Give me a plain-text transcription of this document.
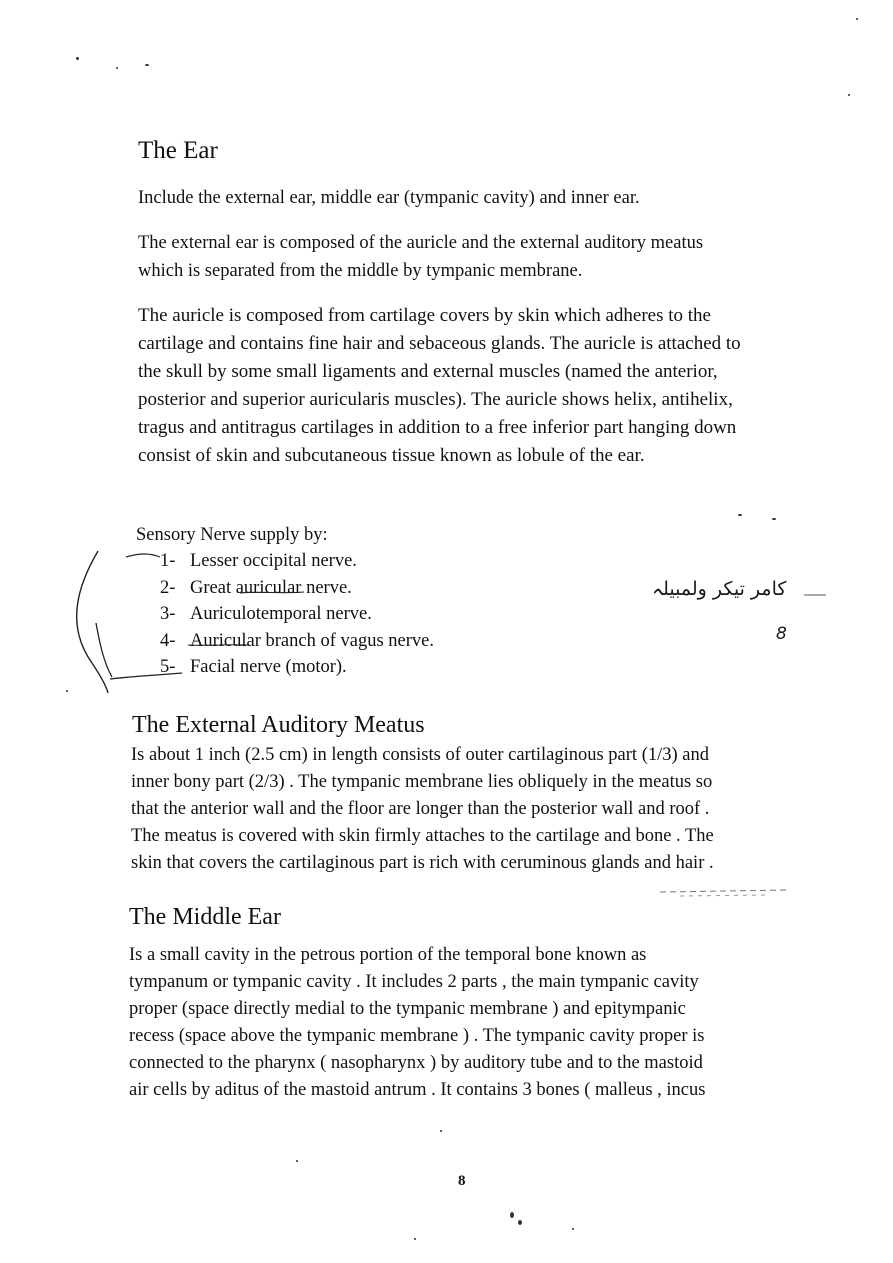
The Ear
Include the external ear, middle ear (tympanic cavity) and inner ear.
The external ear is composed of the auricle and the external auditory meatus
which is separated from the middle by tympanic membrane.
The auricle is composed from cartilage covers by skin which adheres to the
cartilage and contains fine hair and sebaceous glands. The auricle is attached to
the skull by some small ligaments and external muscles (named the anterior,
posterior and superior auricularis muscles). The auricle shows helix, antihelix,
tragus and antitragus cartilages in addition to a free inferior part hanging down
consist of skin and subcutaneous tissue known as lobule of the ear.
Sensory Nerve supply by:
1- Lesser occipital nerve.
2- Great auricular nerve.
3- Auriculotemporal nerve.
4- Auricular branch of vagus nerve.
5- Facial nerve (motor).
کامر تیکر ولمبیلہ
8
The External Auditory Meatus
Is about 1 inch (2.5 cm) in length consists of outer cartilaginous part (1/3) and
inner bony part (2/3) . The tympanic membrane lies obliquely in the meatus so
that the anterior wall and the floor are longer than the posterior wall and roof .
The meatus is covered with skin firmly attaches to the cartilage and bone . The
skin that covers the cartilaginous part is rich with ceruminous glands and hair .
The Middle Ear
Is a small cavity in the petrous portion of the temporal bone known as
tympanum or tympanic cavity . It includes 2 parts , the main tympanic cavity
proper (space directly medial to the tympanic membrane ) and epitympanic
recess (space above the tympanic membrane ) . The tympanic cavity proper is
connected to the pharynx ( nasopharynx ) by auditory tube and to the mastoid
air cells by aditus of the mastoid antrum . It contains 3 bones ( malleus , incus
8
